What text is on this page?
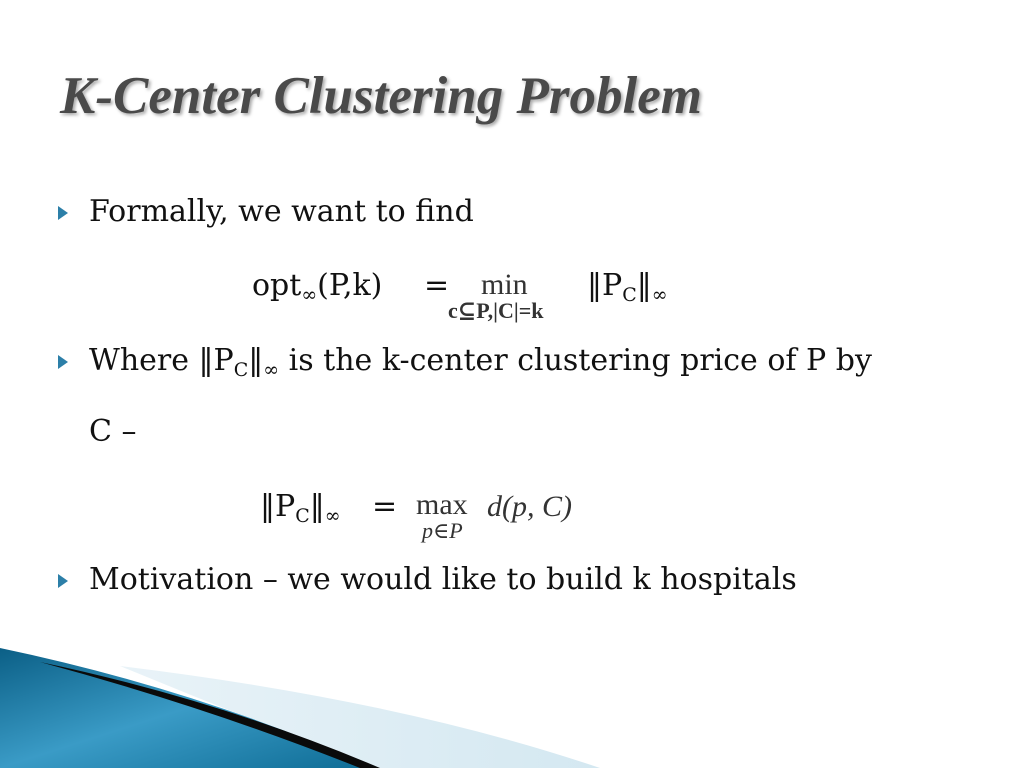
K-Center Clustering Problem
Formally, we want to find
opt$_\infty$(P,k) = min
c⊆P,|C|=k
$‖P_C‖_\infty$
Where $‖P_C‖_\infty$ is the k-center clustering price of P by
C –
$‖P_C‖_\infty = \max$
p∈P
d(p, C)
Motivation – we would like to build k hospitals
